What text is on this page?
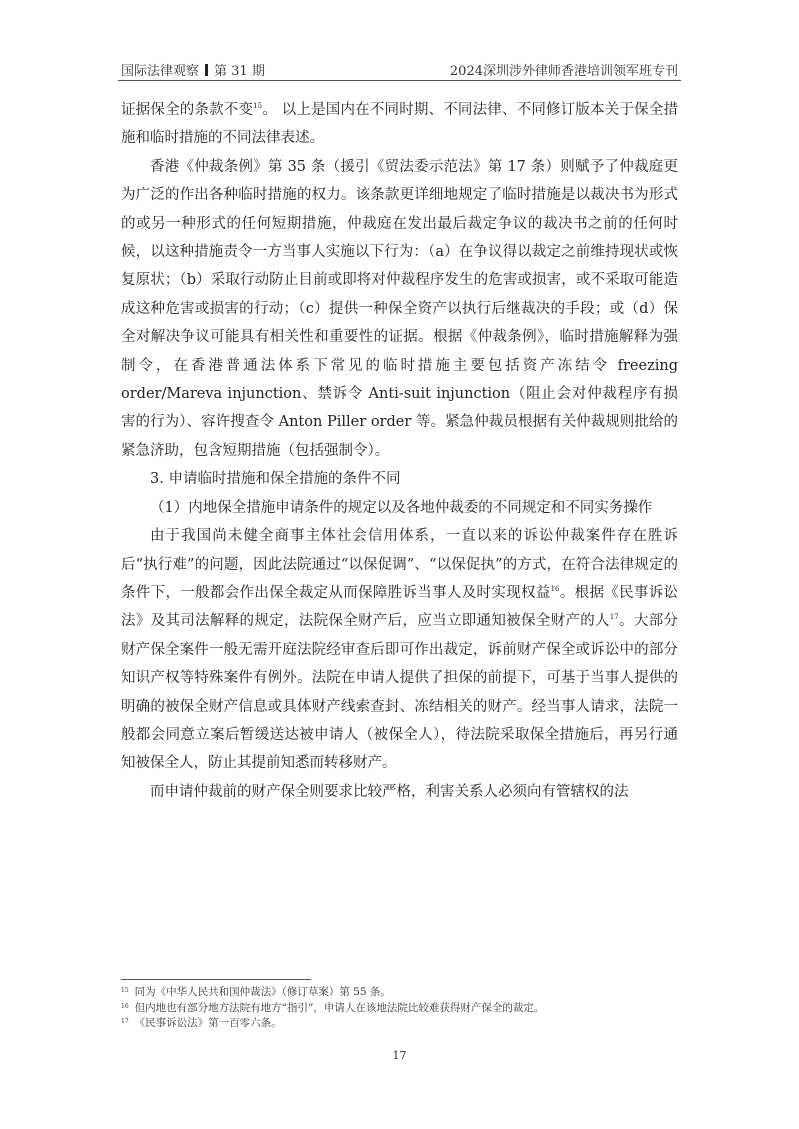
国际法律观察 第 31 期	2024深圳涉外律师香港培训领军班专刊

证据保全的条款不变$^{15}$。 以上是国内在不同时期、不同法律、不同修订版本关于保全措施和临时措施的不同法律表述。

香港《仲裁条例》第 35 条（援引《贸法委示范法》第 17 条）则赋予了仲裁庭更为广泛的作出各种临时措施的权力。该条款更详细地规定了临时措施是以裁决书为形式的或另一种形式的任何短期措施，仲裁庭在发出最后裁定争议的裁决书之前的任何时候，以这种措施责令一方当事人实施以下行为：（a）在争议得以裁定之前维持现状或恢复原状；（b）采取行动防止目前或即将对仲裁程序发生的危害或损害，或不采取可能造成这种危害或损害的行动；（c）提供一种保全资产以执行后继裁决的手段；或（d）保全对解决争议可能具有相关性和重要性的证据。根据《仲裁条例》，临时措施解释为强制令，在香港普通法体系下常见的临时措施主要包括资产冻结令 freezing order/Mareva injunction、禁诉令 Anti-suit injunction（阻止会对仲裁程序有损害的行为）、容许搜查令 Anton Piller order 等。紧急仲裁员根据有关仲裁规则批给的紧急济助，包含短期措施（包括强制令）。

3. 申请临时措施和保全措施的条件不同

（1）内地保全措施申请条件的规定以及各地仲裁委的不同规定和不同实务操作

由于我国尚未健全商事主体社会信用体系，一直以来的诉讼仲裁案件存在胜诉后“执行难”的问题，因此法院通过“以保促调”、“以保促执”的方式，在符合法律规定的条件下，一般都会作出保全裁定从而保障胜诉当事人及时实现权益$^{16}$。根据《民事诉讼法》及其司法解释的规定，法院保全财产后，应当立即通知被保全财产的人$^{17}$。大部分财产保全案件一般无需开庭法院经审查后即可作出裁定，诉前财产保全或诉讼中的部分知识产权等特殊案件有例外。法院在申请人提供了担保的前提下，可基于当事人提供的明确的被保全财产信息或具体财产线索查封、冻结相关的财产。经当事人请求，法院一般都会同意立案后暂缓送达被申请人（被保全人），待法院采取保全措施后，再另行通知被保全人，防止其提前知悉而转移财产。

而申请仲裁前的财产保全则要求比较严格，利害关系人必须向有管辖权的法

$^{15}$ 同为《中华人民共和国仲裁法》（修订草案）第 55 条。
$^{16}$ 但内地也有部分地方法院有地方“指引”，申请人在该地法院比较难获得财产保全的裁定。
$^{17}$ 《民事诉讼法》第一百零六条。
17
